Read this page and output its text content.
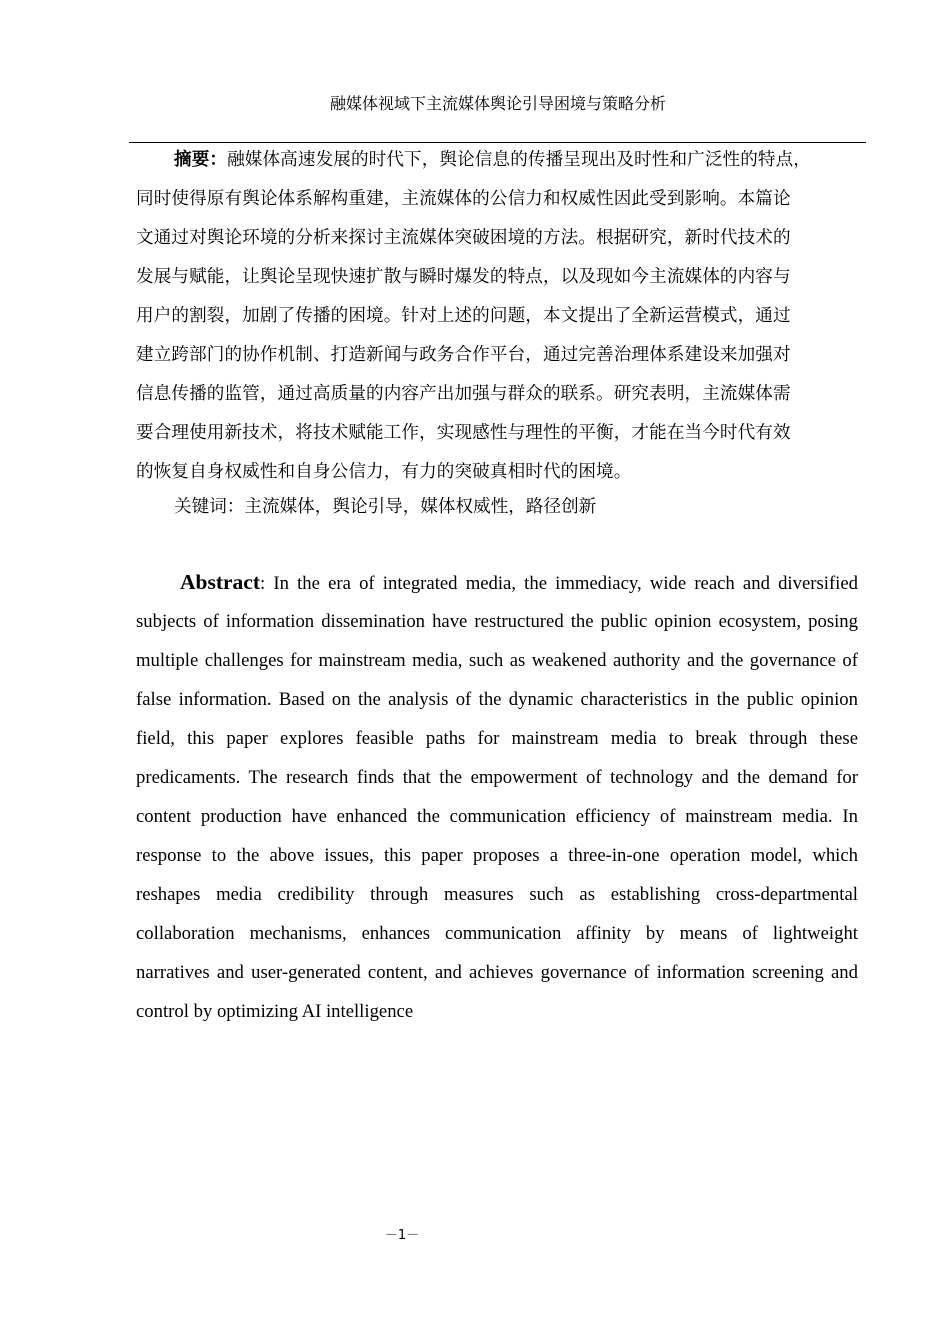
融媒体视域下主流媒体舆论引导困境与策略分析
摘要：融媒体高速发展的时代下，舆论信息的传播呈现出及时性和广泛性的特点，
同时使得原有舆论体系解构重建，主流媒体的公信力和权威性因此受到影响。本篇论
文通过对舆论环境的分析来探讨主流媒体突破困境的方法。根据研究，新时代技术的
发展与赋能，让舆论呈现快速扩散与瞬时爆发的特点，以及现如今主流媒体的内容与
用户的割裂，加剧了传播的困境。针对上述的问题，本文提出了全新运营模式，通过
建立跨部门的协作机制、打造新闻与政务合作平台，通过完善治理体系建设来加强对
信息传播的监管，通过高质量的内容产出加强与群众的联系。研究表明，主流媒体需
要合理使用新技术，将技术赋能工作，实现感性与理性的平衡，才能在当今时代有效
的恢复自身权威性和自身公信力，有力的突破真相时代的困境。
关键词：主流媒体，舆论引导，媒体权威性，路径创新
Abstract: In the era of integrated media, the immediacy, wide reach and diversified
subjects of information dissemination have restructured the public opinion ecosystem, posing
multiple challenges for mainstream media, such as weakened authority and the governance of
false information. Based on the analysis of the dynamic characteristics in the public opinion
field, this paper explores feasible paths for mainstream media to break through these
predicaments. The research finds that the empowerment of technology and the demand for
content production have enhanced the communication efficiency of mainstream media. In
response to the above issues, this paper proposes a three-in-one operation model, which
reshapes media credibility through measures such as establishing cross-departmental
collaboration mechanisms, enhances communication affinity by means of lightweight
narratives and user-generated content, and achieves governance of information screening and
control by optimizing AI intelligence
－1－
